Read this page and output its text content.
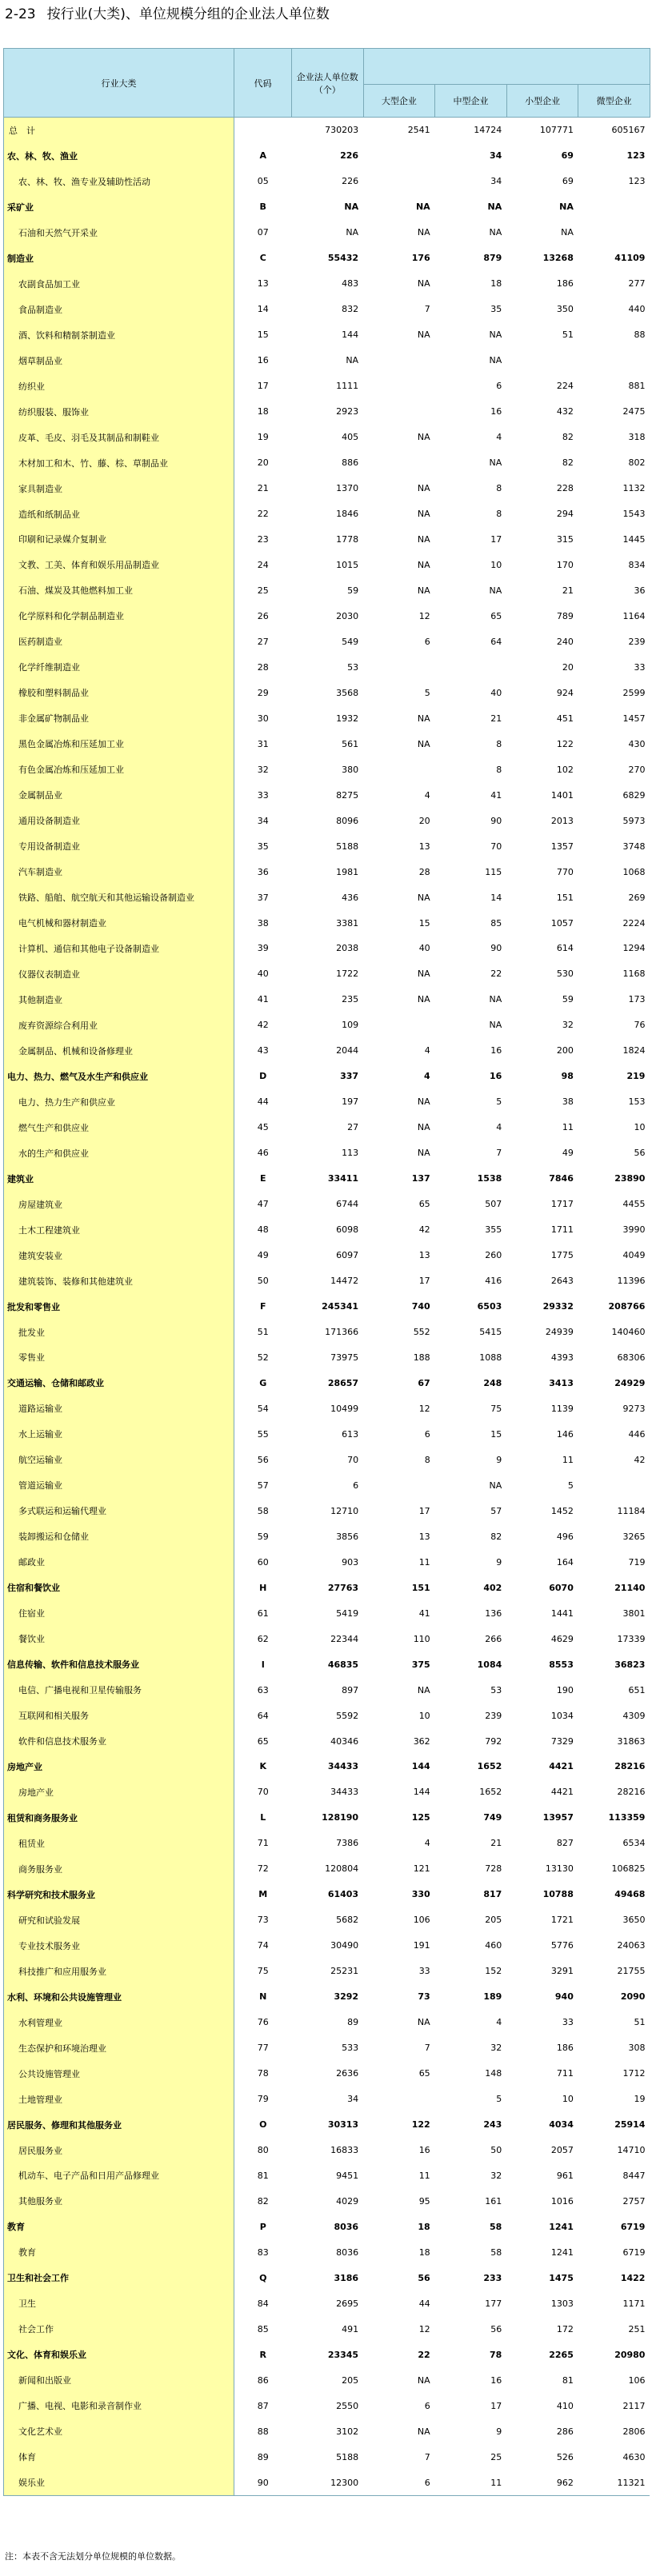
2-23 按行业(大类)、单位规模分组的企业法人单位数
行业大类	代码	企业法人单位数（个）				
			大型企业	中型企业	小型企业	微型企业
总　计		730203	2541	14724	107771	605167
农、林、牧、渔业	A	226		34	69	123
农、林、牧、渔专业及辅助性活动	05	226		34	69	123
采矿业	B	NA	NA	NA	NA	
石油和天然气开采业	07	NA	NA	NA	NA	
制造业	C	55432	176	879	13268	41109
农副食品加工业	13	483	NA	18	186	277
食品制造业	14	832	7	35	350	440
酒、饮料和精制茶制造业	15	144	NA	NA	51	88
烟草制品业	16	NA		NA		
纺织业	17	1111		6	224	881
纺织服装、服饰业	18	2923		16	432	2475
皮革、毛皮、羽毛及其制品和制鞋业	19	405	NA	4	82	318
木材加工和木、竹、藤、棕、草制品业	20	886		NA	82	802
家具制造业	21	1370	NA	8	228	1132
造纸和纸制品业	22	1846	NA	8	294	1543
印刷和记录媒介复制业	23	1778	NA	17	315	1445
文教、工美、体育和娱乐用品制造业	24	1015	NA	10	170	834
石油、煤炭及其他燃料加工业	25	59	NA	NA	21	36
化学原料和化学制品制造业	26	2030	12	65	789	1164
医药制造业	27	549	6	64	240	239
化学纤维制造业	28	53			20	33
橡胶和塑料制品业	29	3568	5	40	924	2599
非金属矿物制品业	30	1932	NA	21	451	1457
黑色金属冶炼和压延加工业	31	561	NA	8	122	430
有色金属冶炼和压延加工业	32	380		8	102	270
金属制品业	33	8275	4	41	1401	6829
通用设备制造业	34	8096	20	90	2013	5973
专用设备制造业	35	5188	13	70	1357	3748
汽车制造业	36	1981	28	115	770	1068
铁路、船舶、航空航天和其他运输设备制造业	37	436	NA	14	151	269
电气机械和器材制造业	38	3381	15	85	1057	2224
计算机、通信和其他电子设备制造业	39	2038	40	90	614	1294
仪器仪表制造业	40	1722	NA	22	530	1168
其他制造业	41	235	NA	NA	59	173
废弃资源综合利用业	42	109		NA	32	76
金属制品、机械和设备修理业	43	2044	4	16	200	1824
电力、热力、燃气及水生产和供应业	D	337	4	16	98	219
电力、热力生产和供应业	44	197	NA	5	38	153
燃气生产和供应业	45	27	NA	4	11	10
水的生产和供应业	46	113	NA	7	49	56
建筑业	E	33411	137	1538	7846	23890
房屋建筑业	47	6744	65	507	1717	4455
土木工程建筑业	48	6098	42	355	1711	3990
建筑安装业	49	6097	13	260	1775	4049
建筑装饰、装修和其他建筑业	50	14472	17	416	2643	11396
批发和零售业	F	245341	740	6503	29332	208766
批发业	51	171366	552	5415	24939	140460
零售业	52	73975	188	1088	4393	68306
交通运输、仓储和邮政业	G	28657	67	248	3413	24929
道路运输业	54	10499	12	75	1139	9273
水上运输业	55	613	6	15	146	446
航空运输业	56	70	8	9	11	42
管道运输业	57	6		NA	5	
多式联运和运输代理业	58	12710	17	57	1452	11184
装卸搬运和仓储业	59	3856	13	82	496	3265
邮政业	60	903	11	9	164	719
住宿和餐饮业	H	27763	151	402	6070	21140
住宿业	61	5419	41	136	1441	3801
餐饮业	62	22344	110	266	4629	17339
信息传输、软件和信息技术服务业	I	46835	375	1084	8553	36823
电信、广播电视和卫星传输服务	63	897	NA	53	190	651
互联网和相关服务	64	5592	10	239	1034	4309
软件和信息技术服务业	65	40346	362	792	7329	31863
房地产业	K	34433	144	1652	4421	28216
房地产业	70	34433	144	1652	4421	28216
租赁和商务服务业	L	128190	125	749	13957	113359
租赁业	71	7386	4	21	827	6534
商务服务业	72	120804	121	728	13130	106825
科学研究和技术服务业	M	61403	330	817	10788	49468
研究和试验发展	73	5682	106	205	1721	3650
专业技术服务业	74	30490	191	460	5776	24063
科技推广和应用服务业	75	25231	33	152	3291	21755
水利、环境和公共设施管理业	N	3292	73	189	940	2090
水利管理业	76	89	NA	4	33	51
生态保护和环境治理业	77	533	7	32	186	308
公共设施管理业	78	2636	65	148	711	1712
土地管理业	79	34		5	10	19
居民服务、修理和其他服务业	O	30313	122	243	4034	25914
居民服务业	80	16833	16	50	2057	14710
机动车、电子产品和日用产品修理业	81	9451	11	32	961	8447
其他服务业	82	4029	95	161	1016	2757
教育	P	8036	18	58	1241	6719
教育	83	8036	18	58	1241	6719
卫生和社会工作	Q	3186	56	233	1475	1422
卫生	84	2695	44	177	1303	1171
社会工作	85	491	12	56	172	251
文化、体育和娱乐业	R	23345	22	78	2265	20980
新闻和出版业	86	205	NA	16	81	106
广播、电视、电影和录音制作业	87	2550	6	17	410	2117
文化艺术业	88	3102	NA	9	286	2806
体育	89	5188	7	25	526	4630
娱乐业	90	12300	6	11	962	11321
注：本表不含无法划分单位规模的单位数据。
